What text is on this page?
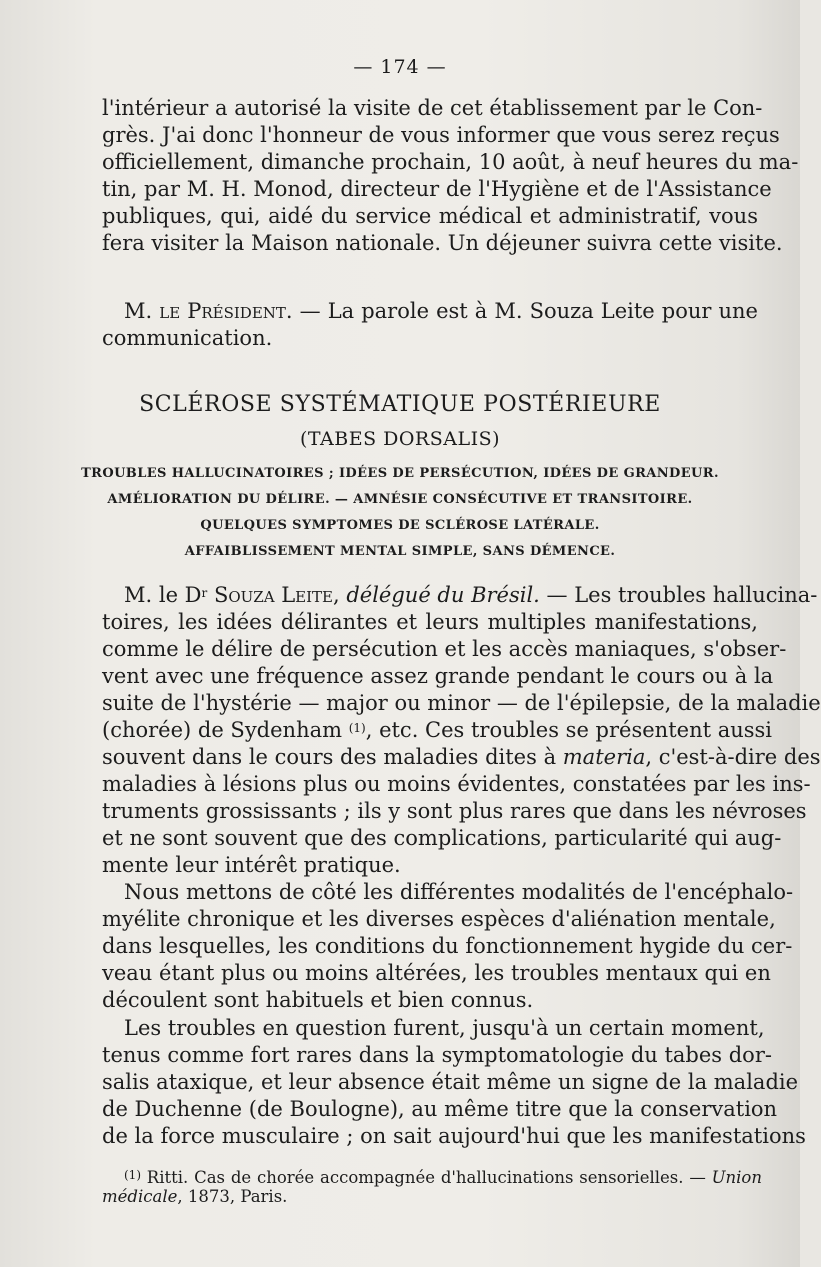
— 174 —
l'intérieur a autorisé la visite de cet établissement par le Con-
grès. J'ai donc l'honneur de vous informer que vous serez reçus
officiellement, dimanche prochain, 10 août, à neuf heures du ma-
tin, par M. H. Monod, directeur de l'Hygiène et de l'Assistance
publiques, qui, aidé du service médical et administratif, vous
fera visiter la Maison nationale. Un déjeuner suivra cette visite.
M. le Président. — La parole est à M. Souza Leite pour une
communication.
SCLÉROSE SYSTÉMATIQUE POSTÉRIEURE
(TABES DORSALIS)
TROUBLES HALLUCINATOIRES ; IDÉES DE PERSÉCUTION, IDÉES DE GRANDEUR.
AMÉLIORATION DU DÉLIRE. — AMNÉSIE CONSÉCUTIVE ET TRANSITOIRE.
QUELQUES SYMPTOMES DE SCLÉROSE LATÉRALE.
AFFAIBLISSEMENT MENTAL SIMPLE, SANS DÉMENCE.
M. le $D^r$ Souza Leite, délégué du Brésil. — Les troubles hallucina-
toires, les idées délirantes et leurs multiples manifestations,
comme le délire de persécution et les accès maniaques, s'obser-
vent avec une fréquence assez grande pendant le cours ou à la
suite de l'hystérie — major ou minor — de l'épilepsie, de la maladie
(chorée) de Sydenham $^{(1)}$, etc. Ces troubles se présentent aussi
souvent dans le cours des maladies dites à materia, c'est-à-dire des
maladies à lésions plus ou moins évidentes, constatées par les ins-
truments grossissants ; ils y sont plus rares que dans les névroses
et ne sont souvent que des complications, particularité qui aug-
mente leur intérêt pratique.
Nous mettons de côté les différentes modalités de l'encéphalo-
myélite chronique et les diverses espèces d'aliénation mentale,
dans lesquelles, les conditions du fonctionnement hygide du cer-
veau étant plus ou moins altérées, les troubles mentaux qui en
découlent sont habituels et bien connus.
Les troubles en question furent, jusqu'à un certain moment,
tenus comme fort rares dans la symptomatologie du tabes dor-
salis ataxique, et leur absence était même un signe de la maladie
de Duchenne (de Boulogne), au même titre que la conservation
de la force musculaire ; on sait aujourd'hui que les manifestations
$^{(1)}$ Ritti. Cas de chorée accompagnée d'hallucinations sensorielles. — Union
médicale, 1873, Paris.
